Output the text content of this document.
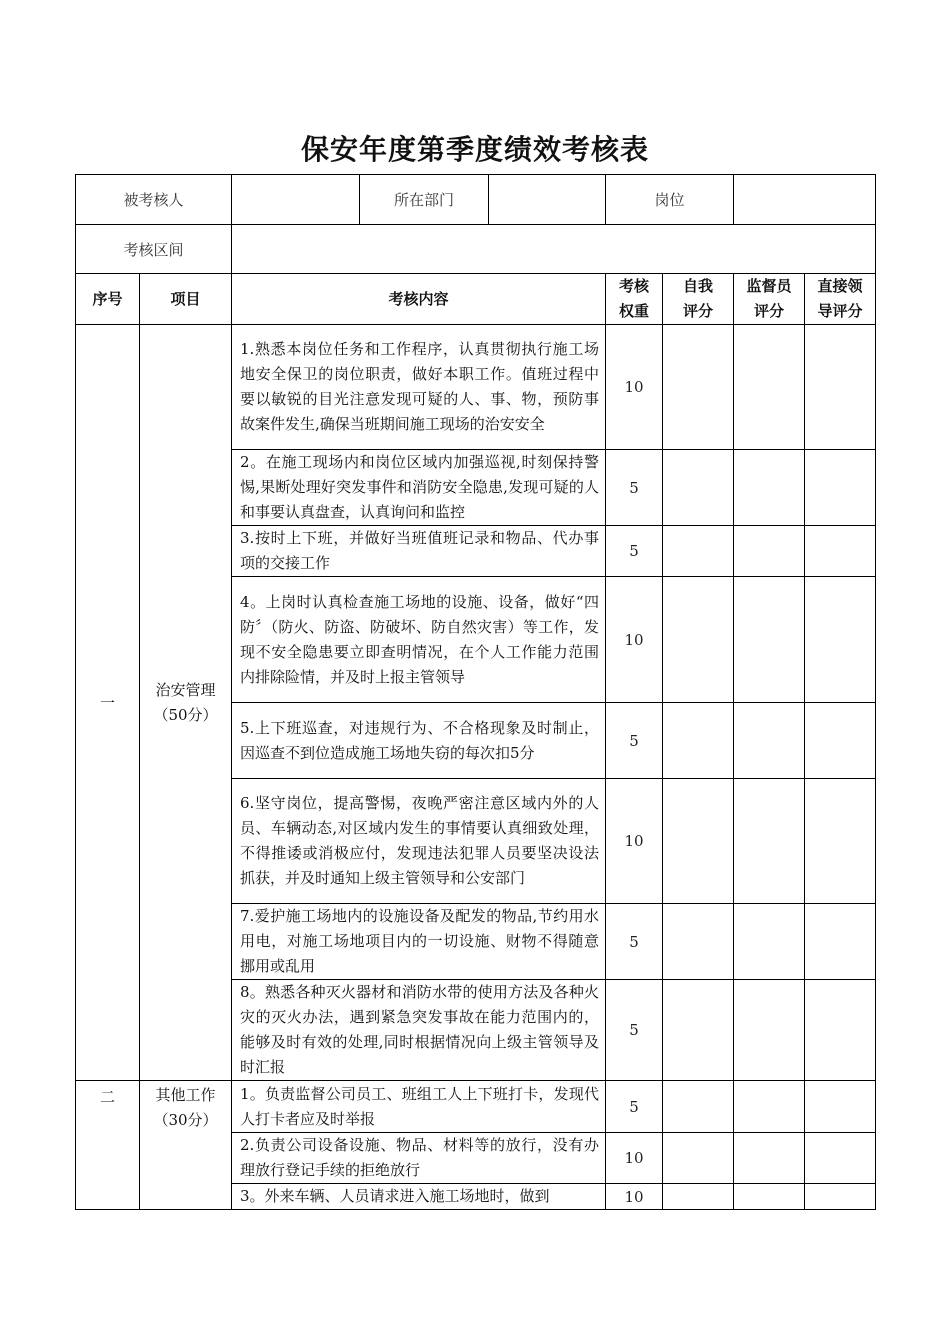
保安年度第季度绩效考核表
被考核人			所在部门		岗位			
考核区间								
序号	项目	考核内容			考核权重	自我评分	监督员评分	直接领导评分
一	治安管理（50分）	1.熟悉本岗位任务和工作程序，认真贯彻执行施工场地安全保卫的岗位职责，做好本职工作。值班过程中要以敏锐的目光注意发现可疑的人、事、物，预防事故案件发生,确保当班期间施工现场的治安安全			10			
		2。在施工现场内和岗位区域内加强巡视,时刻保持警惕,果断处理好突发事件和消防安全隐患,发现可疑的人和事要认真盘查，认真询问和监控			5			
		3.按时上下班，并做好当班值班记录和物品、代办事项的交接工作			5			
		4。上岗时认真检查施工场地的设施、设备，做好“四防〞（防火、防盗、防破坏、防自然灾害）等工作，发现不安全隐患要立即查明情况，在个人工作能力范围内排除险情，并及时上报主管领导			10			
		5.上下班巡查，对违规行为、不合格现象及时制止，因巡查不到位造成施工场地失窃的每次扣5分			5			
		6.坚守岗位，提高警惕，夜晚严密注意区域内外的人员、车辆动态,对区域内发生的事情要认真细致处理，不得推诿或消极应付，发现违法犯罪人员要坚决设法抓获，并及时通知上级主管领导和公安部门			10			
		7.爱护施工场地内的设施设备及配发的物品,节约用水用电，对施工场地项目内的一切设施、财物不得随意挪用或乱用			5			
		8。熟悉各种灭火器材和消防水带的使用方法及各种火灾的灭火办法，遇到紧急突发事故在能力范围内的，能够及时有效的处理,同时根据情况向上级主管领导及时汇报			5			
二	其他工作（30分）	1。负责监督公司员工、班组工人上下班打卡，发现代人打卡者应及时举报			5			
		2.负责公司设备设施、物品、材料等的放行，没有办理放行登记手续的拒绝放行			10			
		3。外来车辆、人员请求进入施工场地时，做到			10			
